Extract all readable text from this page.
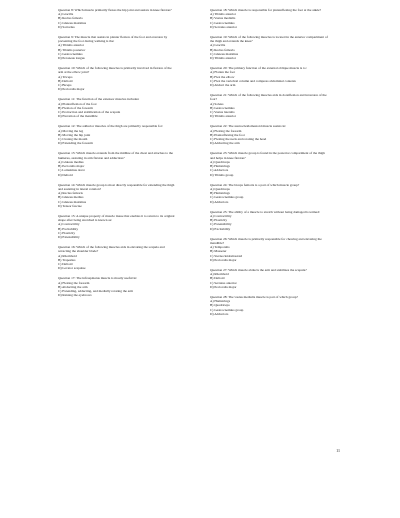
Question 8: Which muscle primarily flexes the hip joint and assists in knee flexion?
A) Gracilis
B) Rectus femoris
C) Gluteus maximus
D) Sartorius
Question 9: The muscle that assists in plantar flexion of the foot and eversion by preventing the foot during walking is the:
A) Tibialis anterior
B) Tibialis posterior
C) Gastrocnemius
D) Peroneus longus
Question 10: Which of the following muscles is primarily involved in flexion of the arm at the elbow joint?
A) Triceps
B) Deltoid
C) Biceps
D) Pectoralis major
Question 11: The function of the extensor muscles includes:
A) Plantarflexion of the foot
B) Flexion of the forearm
C) Protraction and stabilization of the scapula
D) Elevation of the mandible
Question 12: The adductor muscles of the thigh are primarily responsible for:
A) Moving the leg
B) Moving the hip joint
C) Closing the mouth
D) Extending the forearm
Question 13: Which muscle extends from the midline of the chest and attaches to the humerus, assisting in arm flexion and adduction?
A) Gluteus medius
B) Pectoralis major
C) Latissimus dorsi
D) Deltoid
Question 14: Which muscle group is most directly responsible for extending the thigh and assisting in lateral rotation?
A) Rectus femoris
B) Gluteus medius
C) Gluteus maximus
D) Tensor fasciae
Question 15: A unique property of muscle tissue that enables it to return to its original shape after being stretched is known as:
A) Contractility
B) Excitability
C) Elasticity
D) Extensibility
Question 16: Which of the following muscles aids in elevating the scapula and retracting the shoulder blade?
A) Rhomboid
B) Trapezius
C) Deltoid
D) Levator scapulae
Question 17: The infraspinatus muscle is mostly useful in:
A) Flexing the forearm
B) Abducting the arm
C) Extending, adducting, and medially rotating the arm
D) Raising the eyebrows
Question 18: Which muscle is responsible for plantarflexing the foot at the ankle?
A) Tibialis anterior
B) Vastus medialis
C) Gastrocnemius
D) Serratus anterior
Question 19: Which of the following muscles is located in the anterior compartment of the thigh and extends the knee?
A) Gracilis
B) Rectus femoris
C) Gluteus maximus
D) Tibialis anterior
Question 20: The primary function of the external oblique muscle is to:
A) Flatten the foot
B) Flex the elbow
C) Flex the vertebral column and compress abdominal contents
D) Abduct the arm
Question 21: Which of the following muscles aids in dorsiflexion and inversion of the foot?
A) Soleus
B) Gastrocnemius
C) Vastus lateralis
D) Tibialis anterior
Question 22: The sternocleidomastoid muscle assists in:
A) Flexing the forearm
B) Plantarflexing the foot
C) Flexing the neck and rotating the head
D) Adducting the arm
Question 23: Which muscle group is found in the posterior compartment of the thigh and helps in knee flexion?
A) Quadriceps
B) Hamstrings
C) Adductors
D) Tibialis group
Question 24: The biceps femoris is a part of which muscle group?
A) Quadriceps
B) Hamstrings
C) Gastrocnemius group
D) Adductors
Question 25: The ability of a muscle to stretch without being damaged is termed:
A) Contractility
B) Elasticity
C) Extensibility
D) Excitability
Question 26: Which muscle is primarily responsible for chewing and elevating the mandible?
A) Temporalis
B) Masseter
C) Sternocleidomastoid
D) Pectoralis major
Question 27: Which muscle abducts the arm and stabilizes the scapula?
A) Rhomboid
B) Deltoid
C) Serratus anterior
D) Pectoralis major
Question 28: The vastus medialis muscle is part of which group?
A) Hamstrings
B) Quadriceps
C) Gastrocnemius group
D) Adductors
11
